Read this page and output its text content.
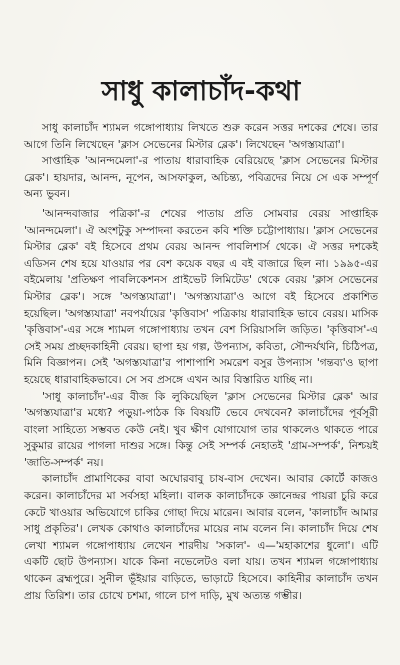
সাধু কালাচাঁদ-কথা

সাধু কালাচাঁদ শ্যামল গঙ্গোপাধ্যায় লিখতে শুরু করেন সত্তর দশকের শেষে। তার আগে তিনি লিখেছেন 'ক্লাস সেভেনের মিস্টার ব্লেক'। লিখেছেন 'অগস্ত্যযাত্রা'।

সাপ্তাহিক 'আনন্দমেলা'-র পাতায় ধারাবাহিক বেরিয়েছে 'ক্লাস সেভেনের মিস্টার ব্লেক'। হায়দার, আনন্দ, নূপেন, আসফাকুল, অচিন্ত্য, পবিত্রদের নিয়ে সে এক সম্পূর্ণ অন্য ভুবন।

'আনন্দবাজার পত্রিকা'-র শেষের পাতায় প্রতি সোমবার বেরয় সাপ্তাহিক 'আনন্দমেলা'। ঐ অংশটুকু সম্পাদনা করতেন কবি শক্তি চট্টোপাধ্যায়। 'ক্লাস সেভেনের মিস্টার ব্লেক' বই হিসেবে প্রথম বেরয় আনন্দ পাবলিশার্স থেকে। ঐ সত্তর দশকেই এডিসন শেষ হয়ে যাওয়ার পর বেশ কয়েক বছর এ বই বাজারে ছিল না। ১৯৯৫-এর বইমেলায় 'প্রতিক্ষণ পাবলিকেশনস প্রাইভেট লিমিটেড' থেকে বেরয় 'ক্লাস সেভেনের মিস্টার ব্লেক'। সঙ্গে 'অগস্ত্যযাত্রা'। 'অগস্ত্যযাত্রা'ও আগে বই হিসেবে প্রকাশিত হয়েছিল। 'অগস্ত্যযাত্রা' নবপর্যায়ের 'কৃত্তিবাস' পত্রিকায় ধারাবাহিক ভাবে বেরয়। মাসিক 'কৃত্তিবাস'-এর সঙ্গে শ্যামল গঙ্গোপাধ্যায় তখন বেশ সিরিয়াসলি জড়িত। 'কৃত্তিবাস'-এ সেই সময় প্রচ্ছদকাহিনী বেরয়। ছাপা হয় গল্প, উপন্যাস, কবিতা, সৌন্দর্যখনি, চিঠিপত্র, মিনি বিজ্ঞাপন। সেই 'অগস্ত্যযাত্রা'র পাশাপাশি সমরেশ বসুর উপন্যাস 'গন্তব্য'ও ছাপা হয়েছে ধারাবাহিকভাবে। সে সব প্রসঙ্গে এখন আর বিস্তারিত যাচ্ছি না।

'সাধু কালাচাঁদ'-এর বীজ কি লুকিয়েছিল 'ক্লাস সেভেনের মিস্টার ব্লেক' আর 'অগস্ত্যযাত্রা'র মধ্যে? পড়ুয়া-পাঠক কি বিষয়টি ভেবে দেখবেন? কালাচাঁদের পূর্বসূরী বাংলা সাহিত্যে সম্ভবত কেউ নেই। খুব ক্ষীণ যোগাযোগ তার থাকলেও থাকতে পারে সুকুমার রায়ের পাগলা দাশুর সঙ্গে। কিন্তু সেই সম্পর্ক নেহাতই 'গ্রাম-সম্পর্ক', নিশ্চয়ই 'জাতি-সম্পর্ক' নয়।

কালাচাঁদ প্রামাণিকের বাবা অঘোরবাবু চাষ-বাস দেখেন। আবার কোর্টে কাজও করেন। কালাচাঁদের মা সর্বসহা মহিলা। বালক কালাচাঁদকে জ্ঞানেন্দ্রর পায়রা চুরি করে কেটে খাওয়ার অভিযোগে চাকির গোছা দিয়ে মারেন। আবার বলেন, 'কালাচাঁদ আমার সাধু প্রকৃতির'। লেখক কোথাও কালাচাঁদের মায়ের নাম বলেন নি। কালাচাঁদ দিয়ে শেষ লেখা শ্যামল গঙ্গোপাধ্যায় লেখেন শারদীয় 'সকাল'- এ—'মহাকাশের ধুলো'। এটি একটি ছোট উপন্যাস। যাকে কিনা নভেলেটও বলা যায়। তখন শ্যামল গঙ্গোপাধ্যায় থাকেন ব্রহ্মপুরে। সুনীল ভূঁইয়ার বাড়িতে, ভাড়াটে হিসেবে। কাহিনীর কালাচাঁদ তখন প্রায় তিরিশ। তার চোখে চশমা, গালে চাপ দাড়ি, মুখ অত্যন্ত গম্ভীর।
